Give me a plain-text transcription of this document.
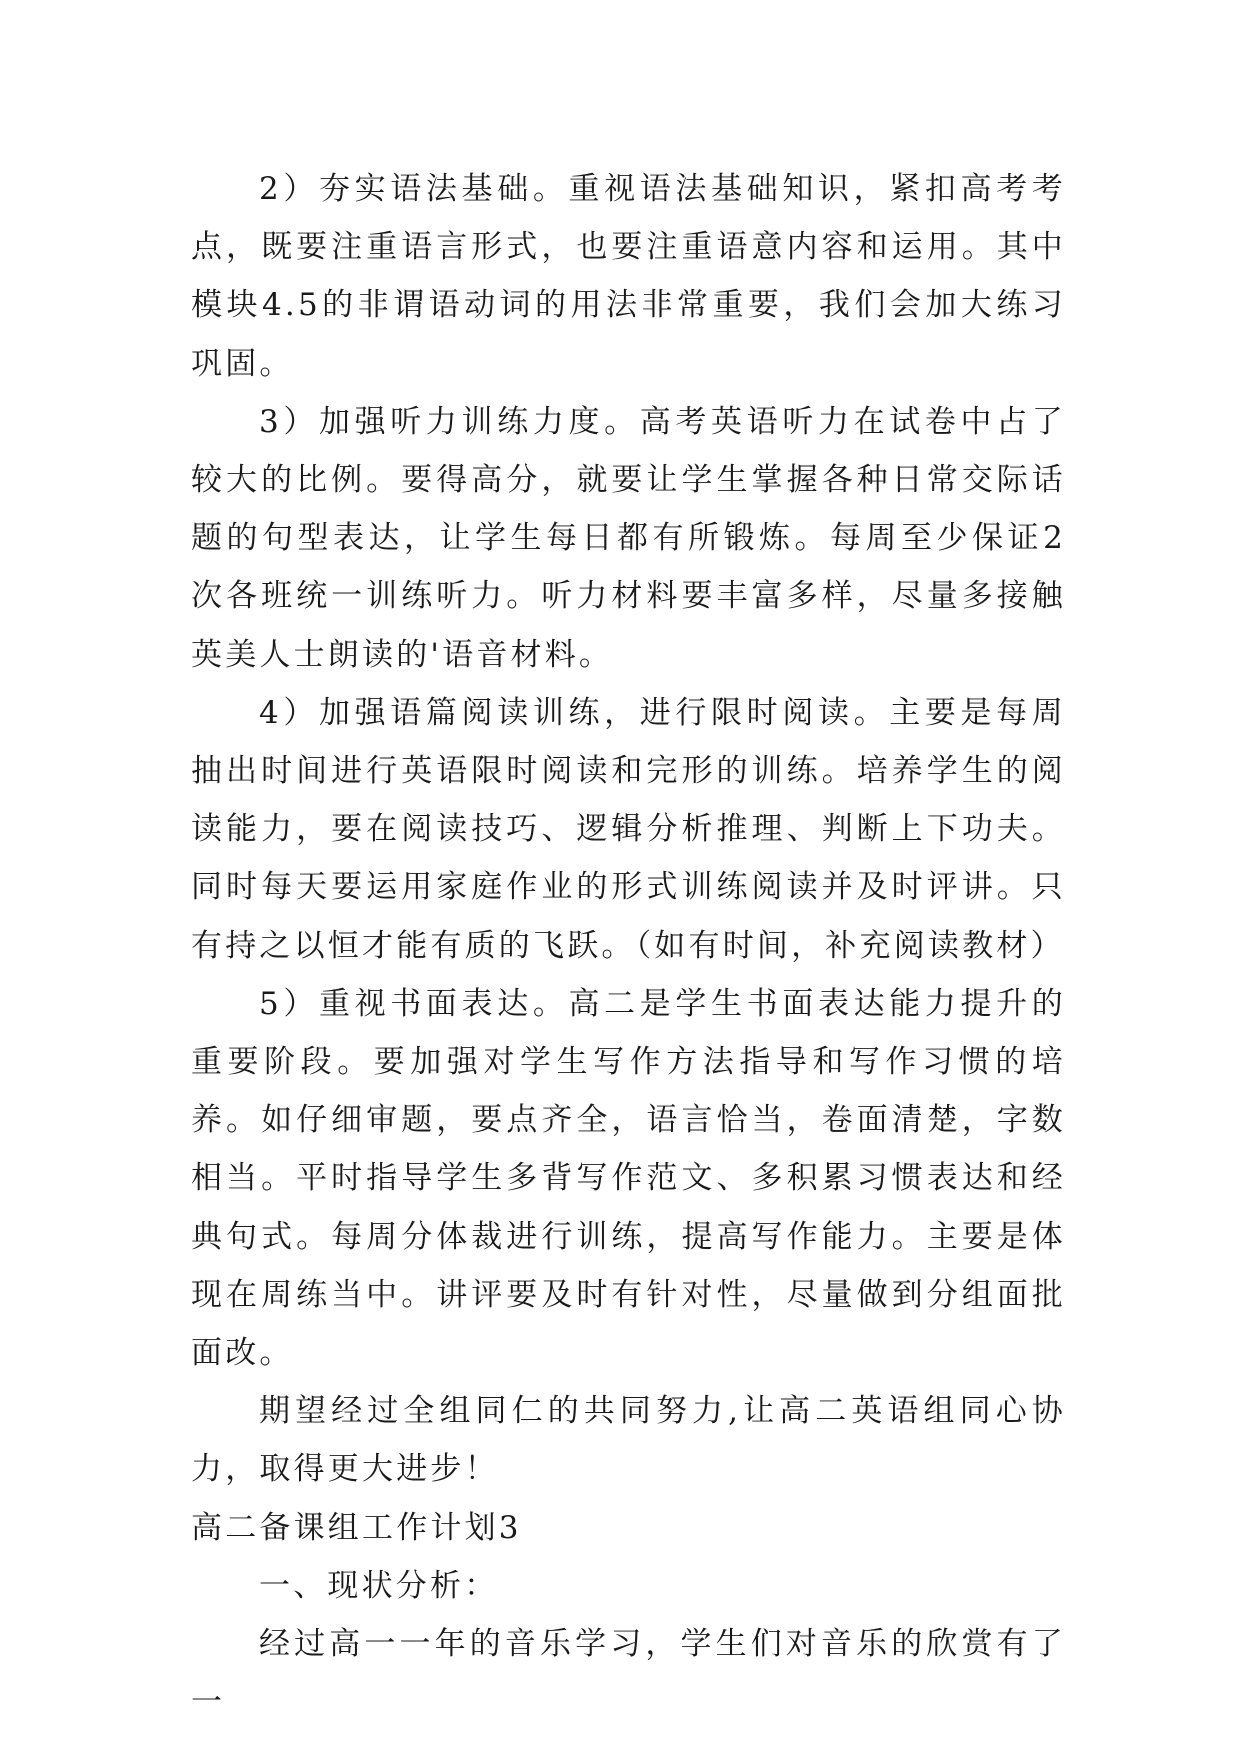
2）夯实语法基础。重视语法基础知识，紧扣高考考点，既要注重语言形式，也要注重语意内容和运用。其中模块4.5的非谓语动词的用法非常重要，我们会加大练习巩固。

3）加强听力训练力度。高考英语听力在试卷中占了较大的比例。要得高分，就要让学生掌握各种日常交际话题的句型表达，让学生每日都有所锻炼。每周至少保证2次各班统一训练听力。听力材料要丰富多样，尽量多接触英美人士朗读的'语音材料。

4）加强语篇阅读训练，进行限时阅读。主要是每周抽出时间进行英语限时阅读和完形的训练。培养学生的阅读能力，要在阅读技巧、逻辑分析推理、判断上下功夫。同时每天要运用家庭作业的形式训练阅读并及时评讲。只有持之以恒才能有质的飞跃。（如有时间，补充阅读教材）

5）重视书面表达。高二是学生书面表达能力提升的重要阶段。要加强对学生写作方法指导和写作习惯的培养。如仔细审题，要点齐全，语言恰当，卷面清楚，字数相当。平时指导学生多背写作范文、多积累习惯表达和经典句式。每周分体裁进行训练，提高写作能力。主要是体现在周练当中。讲评要及时有针对性，尽量做到分组面批面改。

期望经过全组同仁的共同努力,让高二英语组同心协力，取得更大进步！

高二备课组工作计划3

一、现状分析：

经过高一一年的音乐学习，学生们对音乐的欣赏有了一
